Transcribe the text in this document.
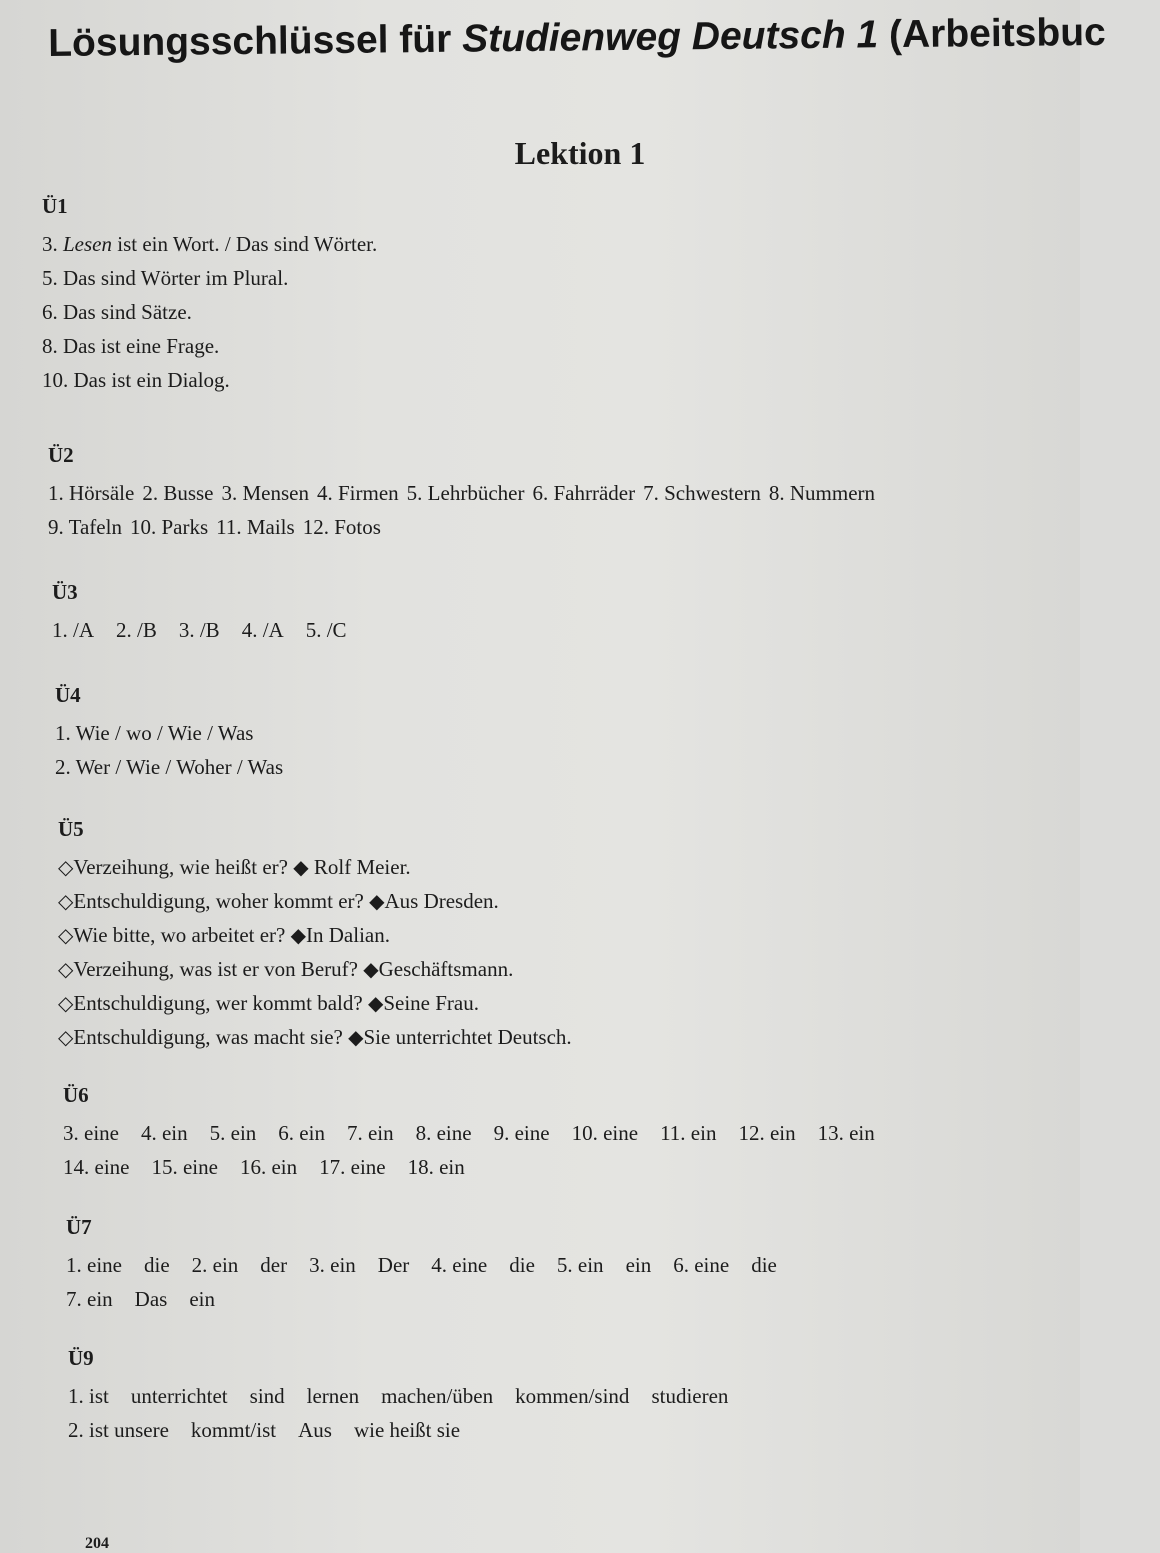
Lösungsschlüssel für Studienweg Deutsch 1 (Arbeitsbuc
Lektion 1
Ü1
3. Lesen ist ein Wort. / Das sind Wörter.
5. Das sind Wörter im Plural.
6. Das sind Sätze.
8. Das ist eine Frage.
10. Das ist ein Dialog.
Ü2
1. Hörsäle 2. Busse 3. Mensen 4. Firmen 5. Lehrbücher 6. Fahrräder 7. Schwestern 8. Nummern
9. Tafeln 10. Parks 11. Mails 12. Fotos
Ü3
1. /A 2. /B 3. /B 4. /A 5. /C
Ü4
1. Wie / wo / Wie / Was
2. Wer / Wie / Woher / Was
Ü5
◇Verzeihung, wie heißt er? ◆ Rolf Meier.
◇Entschuldigung, woher kommt er? ◆Aus Dresden.
◇Wie bitte, wo arbeitet er? ◆In Dalian.
◇Verzeihung, was ist er von Beruf? ◆Geschäftsmann.
◇Entschuldigung, wer kommt bald? ◆Seine Frau.
◇Entschuldigung, was macht sie? ◆Sie unterrichtet Deutsch.
Ü6
3. eine 4. ein 5. ein 6. ein 7. ein 8. eine 9. eine 10. eine 11. ein 12. ein 13. ein
14. eine 15. eine 16. ein 17. eine 18. ein
Ü7
1. eine die 2. ein der 3. ein Der 4. eine die 5. ein ein 6. eine die
7. ein Das ein
Ü9
1. ist unterrichtet sind lernen machen/üben kommen/sind studieren
2. ist unsere kommt/ist Aus wie heißt sie
204
